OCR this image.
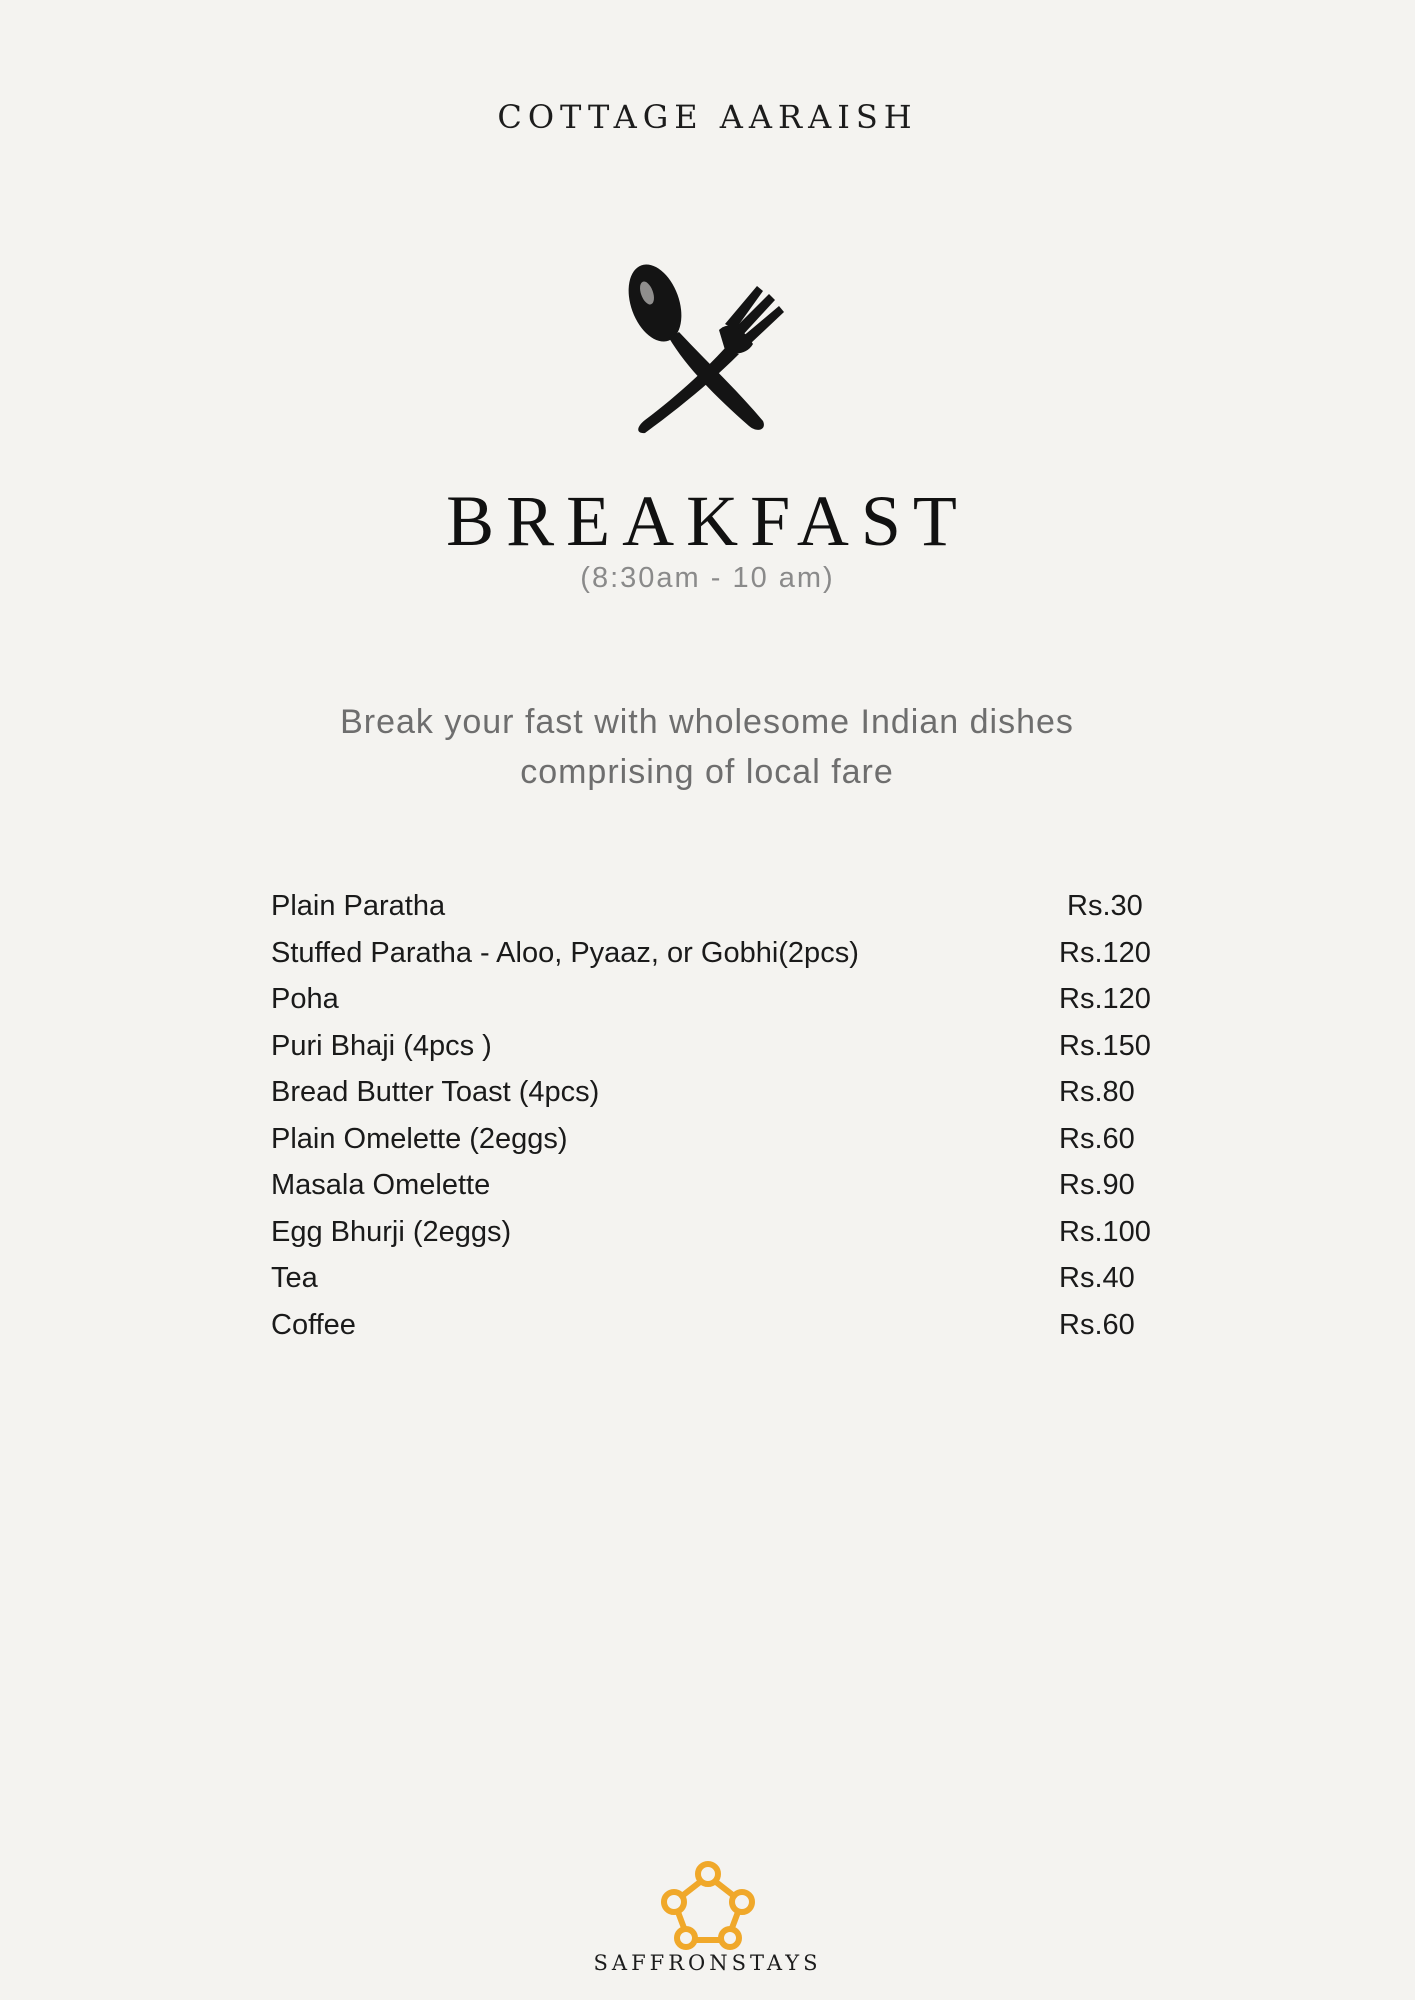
COTTAGE AARAISH
BREAKFAST
(8:30am - 10 am)
Break your fast with wholesome Indian dishes
comprising of local fare
Plain Paratha	Rs.30
Stuffed Paratha - Aloo, Pyaaz, or Gobhi(2pcs)	Rs.120
Poha	Rs.120
Puri Bhaji (4pcs )	Rs.150
Bread Butter Toast (4pcs)	Rs.80
Plain Omelette (2eggs)	Rs.60
Masala Omelette	Rs.90
Egg Bhurji (2eggs)	Rs.100
Tea	Rs.40
Coffee	Rs.60
SAFFRONSTAYS
